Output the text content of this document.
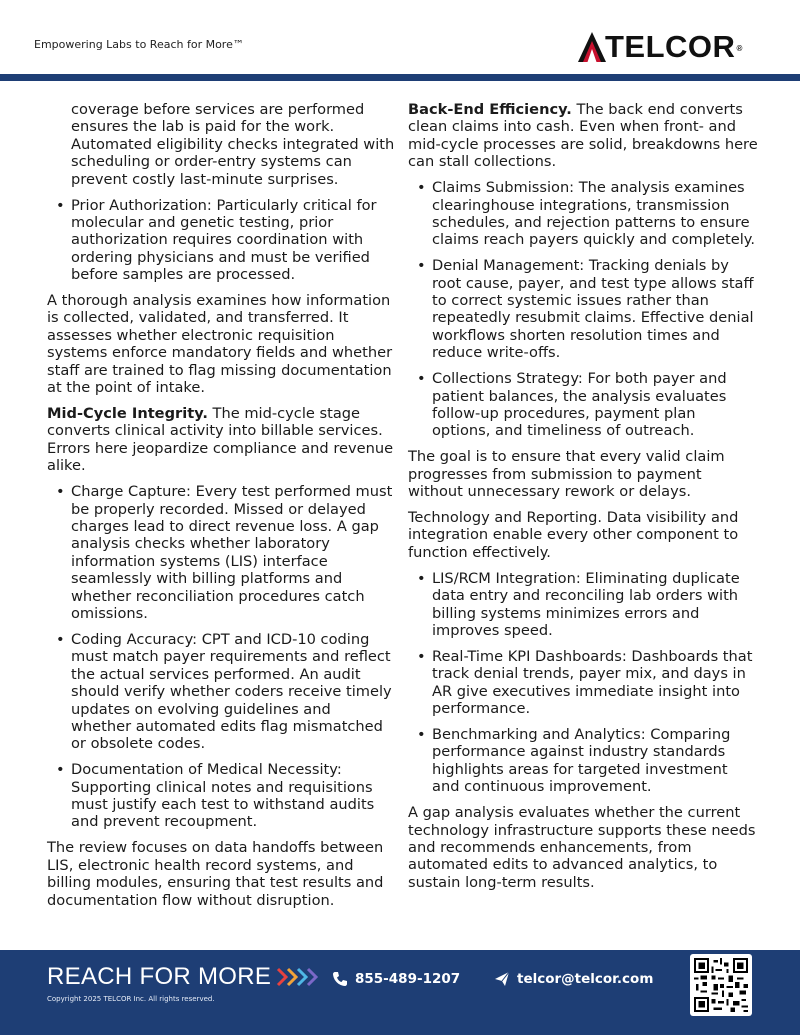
Empowering Labs to Reach for More™	TELCOR®
coverage before services are performed ensures the lab is paid for the work. Automated eligibility checks integrated with scheduling or order-entry systems can prevent costly last-minute surprises.
• Prior Authorization: Particularly critical for molecular and genetic testing, prior authorization requires coordination with ordering physicians and must be verified before samples are processed.

A thorough analysis examines how information is collected, validated, and transferred. It assesses whether electronic requisition systems enforce mandatory fields and whether staff are trained to flag missing documentation at the point of intake.

Mid-Cycle Integrity. The mid-cycle stage converts clinical activity into billable services. Errors here jeopardize compliance and revenue alike.

• Charge Capture: Every test performed must be properly recorded. Missed or delayed charges lead to direct revenue loss. A gap analysis checks whether laboratory information systems (LIS) interface seamlessly with billing platforms and whether reconciliation procedures catch omissions.
• Coding Accuracy: CPT and ICD-10 coding must match payer requirements and reflect the actual services performed. An audit should verify whether coders receive timely updates on evolving guidelines and whether automated edits flag mismatched or obsolete codes.
• Documentation of Medical Necessity: Supporting clinical notes and requisitions must justify each test to withstand audits and prevent recoupment.

The review focuses on data handoffs between LIS, electronic health record systems, and billing modules, ensuring that test results and documentation flow without disruption.

Back-End Efficiency. The back end converts clean claims into cash. Even when front- and mid-cycle processes are solid, breakdowns here can stall collections.

• Claims Submission: The analysis examines clearinghouse integrations, transmission schedules, and rejection patterns to ensure claims reach payers quickly and completely.
• Denial Management: Tracking denials by root cause, payer, and test type allows staff to correct systemic issues rather than repeatedly resubmit claims. Effective denial workflows shorten resolution times and reduce write-offs.
• Collections Strategy: For both payer and patient balances, the analysis evaluates follow-up procedures, payment plan options, and timeliness of outreach.

The goal is to ensure that every valid claim progresses from submission to payment without unnecessary rework or delays.

Technology and Reporting. Data visibility and integration enable every other component to function effectively.

• LIS/RCM Integration: Eliminating duplicate data entry and reconciling lab orders with billing systems minimizes errors and improves speed.
• Real-Time KPI Dashboards: Dashboards that track denial trends, payer mix, and days in AR give executives immediate insight into performance.
• Benchmarking and Analytics: Comparing performance against industry standards highlights areas for targeted investment and continuous improvement.

A gap analysis evaluates whether the current technology infrastructure supports these needs and recommends enhancements, from automated edits to advanced analytics, to sustain long-term results.

REACH FOR MORE
Copyright 2025 TELCOR Inc. All rights reserved.
855-489-1207	telcor@telcor.com
